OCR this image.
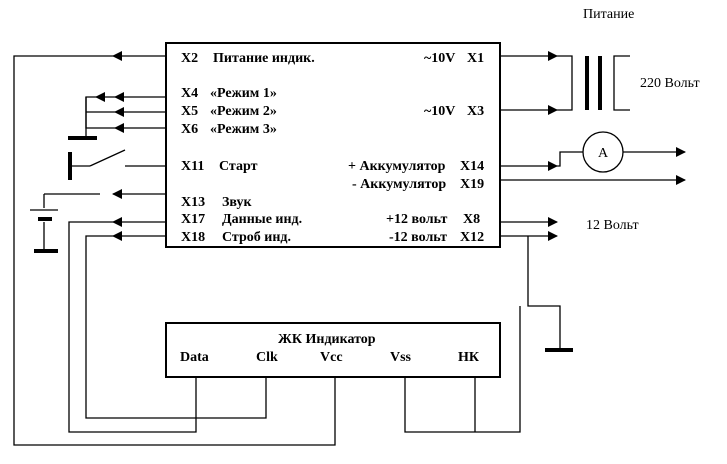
X2 Питание индик.
X4 «Режим 1»
X5 «Режим 2»
X6 «Режим 3»
X11 Старт
X13 Звук
X17 Данные инд.
X18 Строб инд.
~10V X1
~10V X3
+ Аккумулятор X14
- Аккумулятор X19
+12 вольт X8
-12 вольт X12
Питание
220 Вольт
A
12 Вольт
ЖК Индикатор
Data	Clk	Vcc	Vss	НК
